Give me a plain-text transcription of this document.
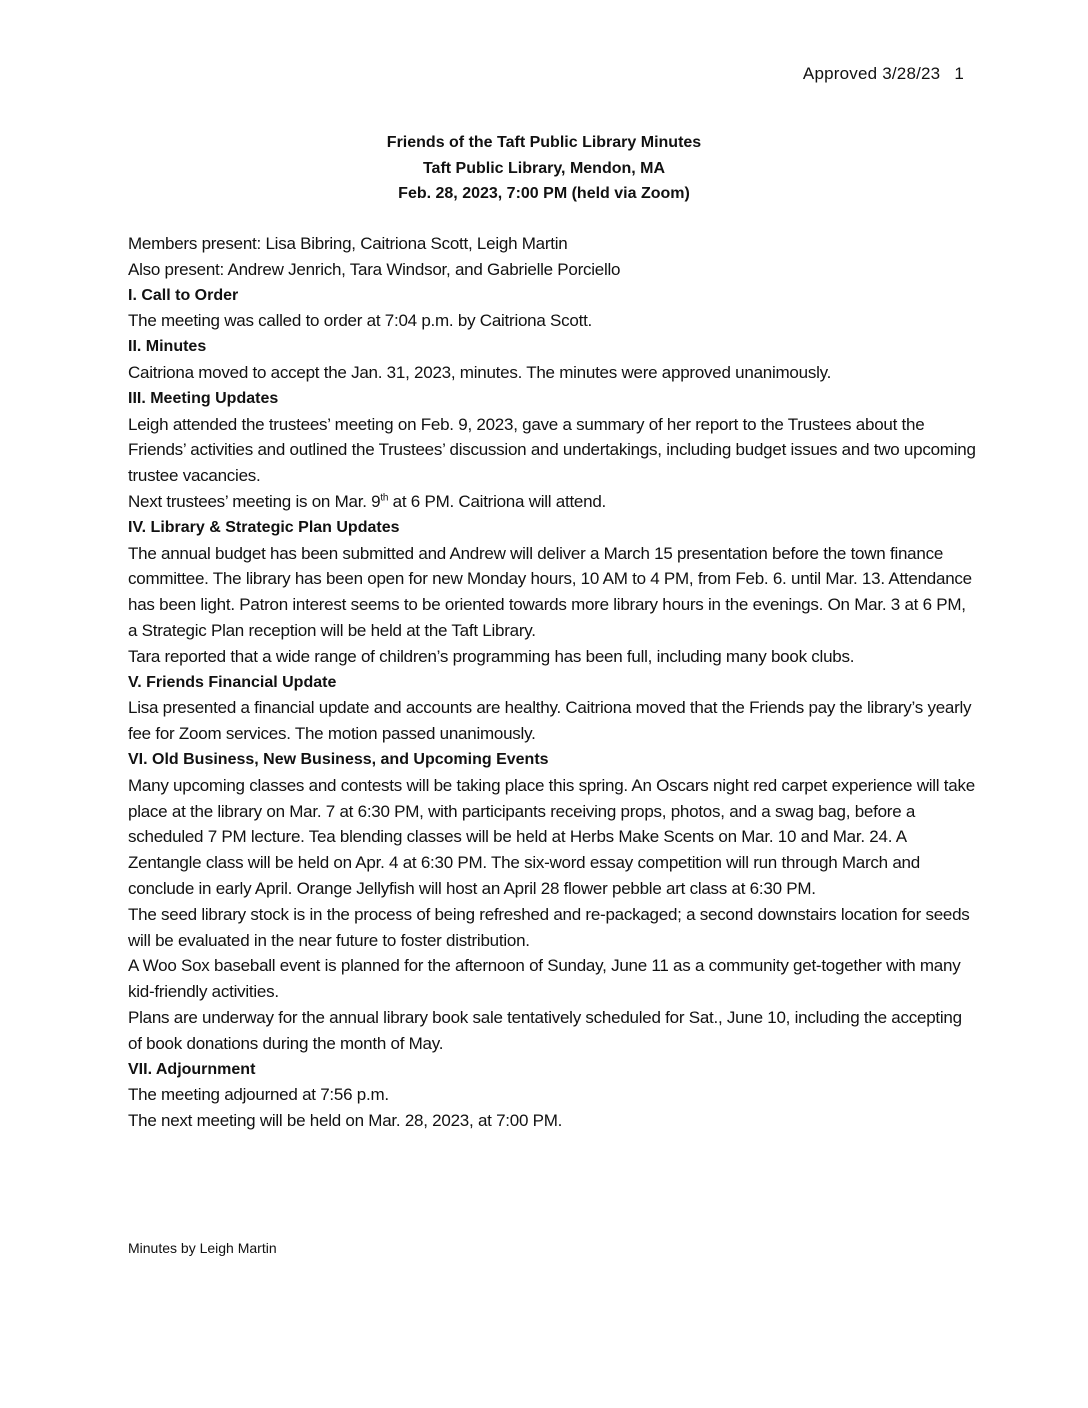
Approved 3/28/23 1
Friends of the Taft Public Library Minutes
Taft Public Library, Mendon, MA
Feb. 28, 2023, 7:00 PM (held via Zoom)

Members present: Lisa Bibring, Caitriona Scott, Leigh Martin

Also present: Andrew Jenrich, Tara Windsor, and Gabrielle Porciello

I. Call to Order

The meeting was called to order at 7:04 p.m. by Caitriona Scott.

II. Minutes

Caitriona moved to accept the Jan. 31, 2023, minutes. The minutes were approved unanimously.

III. Meeting Updates

Leigh attended the trustees’ meeting on Feb. 9, 2023, gave a summary of her report to the Trustees about the Friends’ activities and outlined the Trustees’ discussion and undertakings, including budget issues and two upcoming trustee vacancies.

Next trustees’ meeting is on Mar. 9th at 6 PM. Caitriona will attend.

IV. Library & Strategic Plan Updates

The annual budget has been submitted and Andrew will deliver a March 15 presentation before the town finance committee. The library has been open for new Monday hours, 10 AM to 4 PM, from Feb. 6. until Mar. 13. Attendance has been light. Patron interest seems to be oriented towards more library hours in the evenings. On Mar. 3 at 6 PM, a Strategic Plan reception will be held at the Taft Library.

Tara reported that a wide range of children’s programming has been full, including many book clubs.

V. Friends Financial Update

Lisa presented a financial update and accounts are healthy. Caitriona moved that the Friends pay the library’s yearly fee for Zoom services. The motion passed unanimously.

VI. Old Business, New Business, and Upcoming Events

Many upcoming classes and contests will be taking place this spring. An Oscars night red carpet experience will take place at the library on Mar. 7 at 6:30 PM, with participants receiving props, photos, and a swag bag, before a scheduled 7 PM lecture. Tea blending classes will be held at Herbs Make Scents on Mar. 10 and Mar. 24. A Zentangle class will be held on Apr. 4 at 6:30 PM. The six-word essay competition will run through March and conclude in early April. Orange Jellyfish will host an April 28 flower pebble art class at 6:30 PM.

The seed library stock is in the process of being refreshed and re-packaged; a second downstairs location for seeds will be evaluated in the near future to foster distribution.

A Woo Sox baseball event is planned for the afternoon of Sunday, June 11 as a community get-together with many kid-friendly activities.

Plans are underway for the annual library book sale tentatively scheduled for Sat., June 10, including the accepting of book donations during the month of May.

VII. Adjournment

The meeting adjourned at 7:56 p.m.

The next meeting will be held on Mar. 28, 2023, at 7:00 PM.

Minutes by Leigh Martin
